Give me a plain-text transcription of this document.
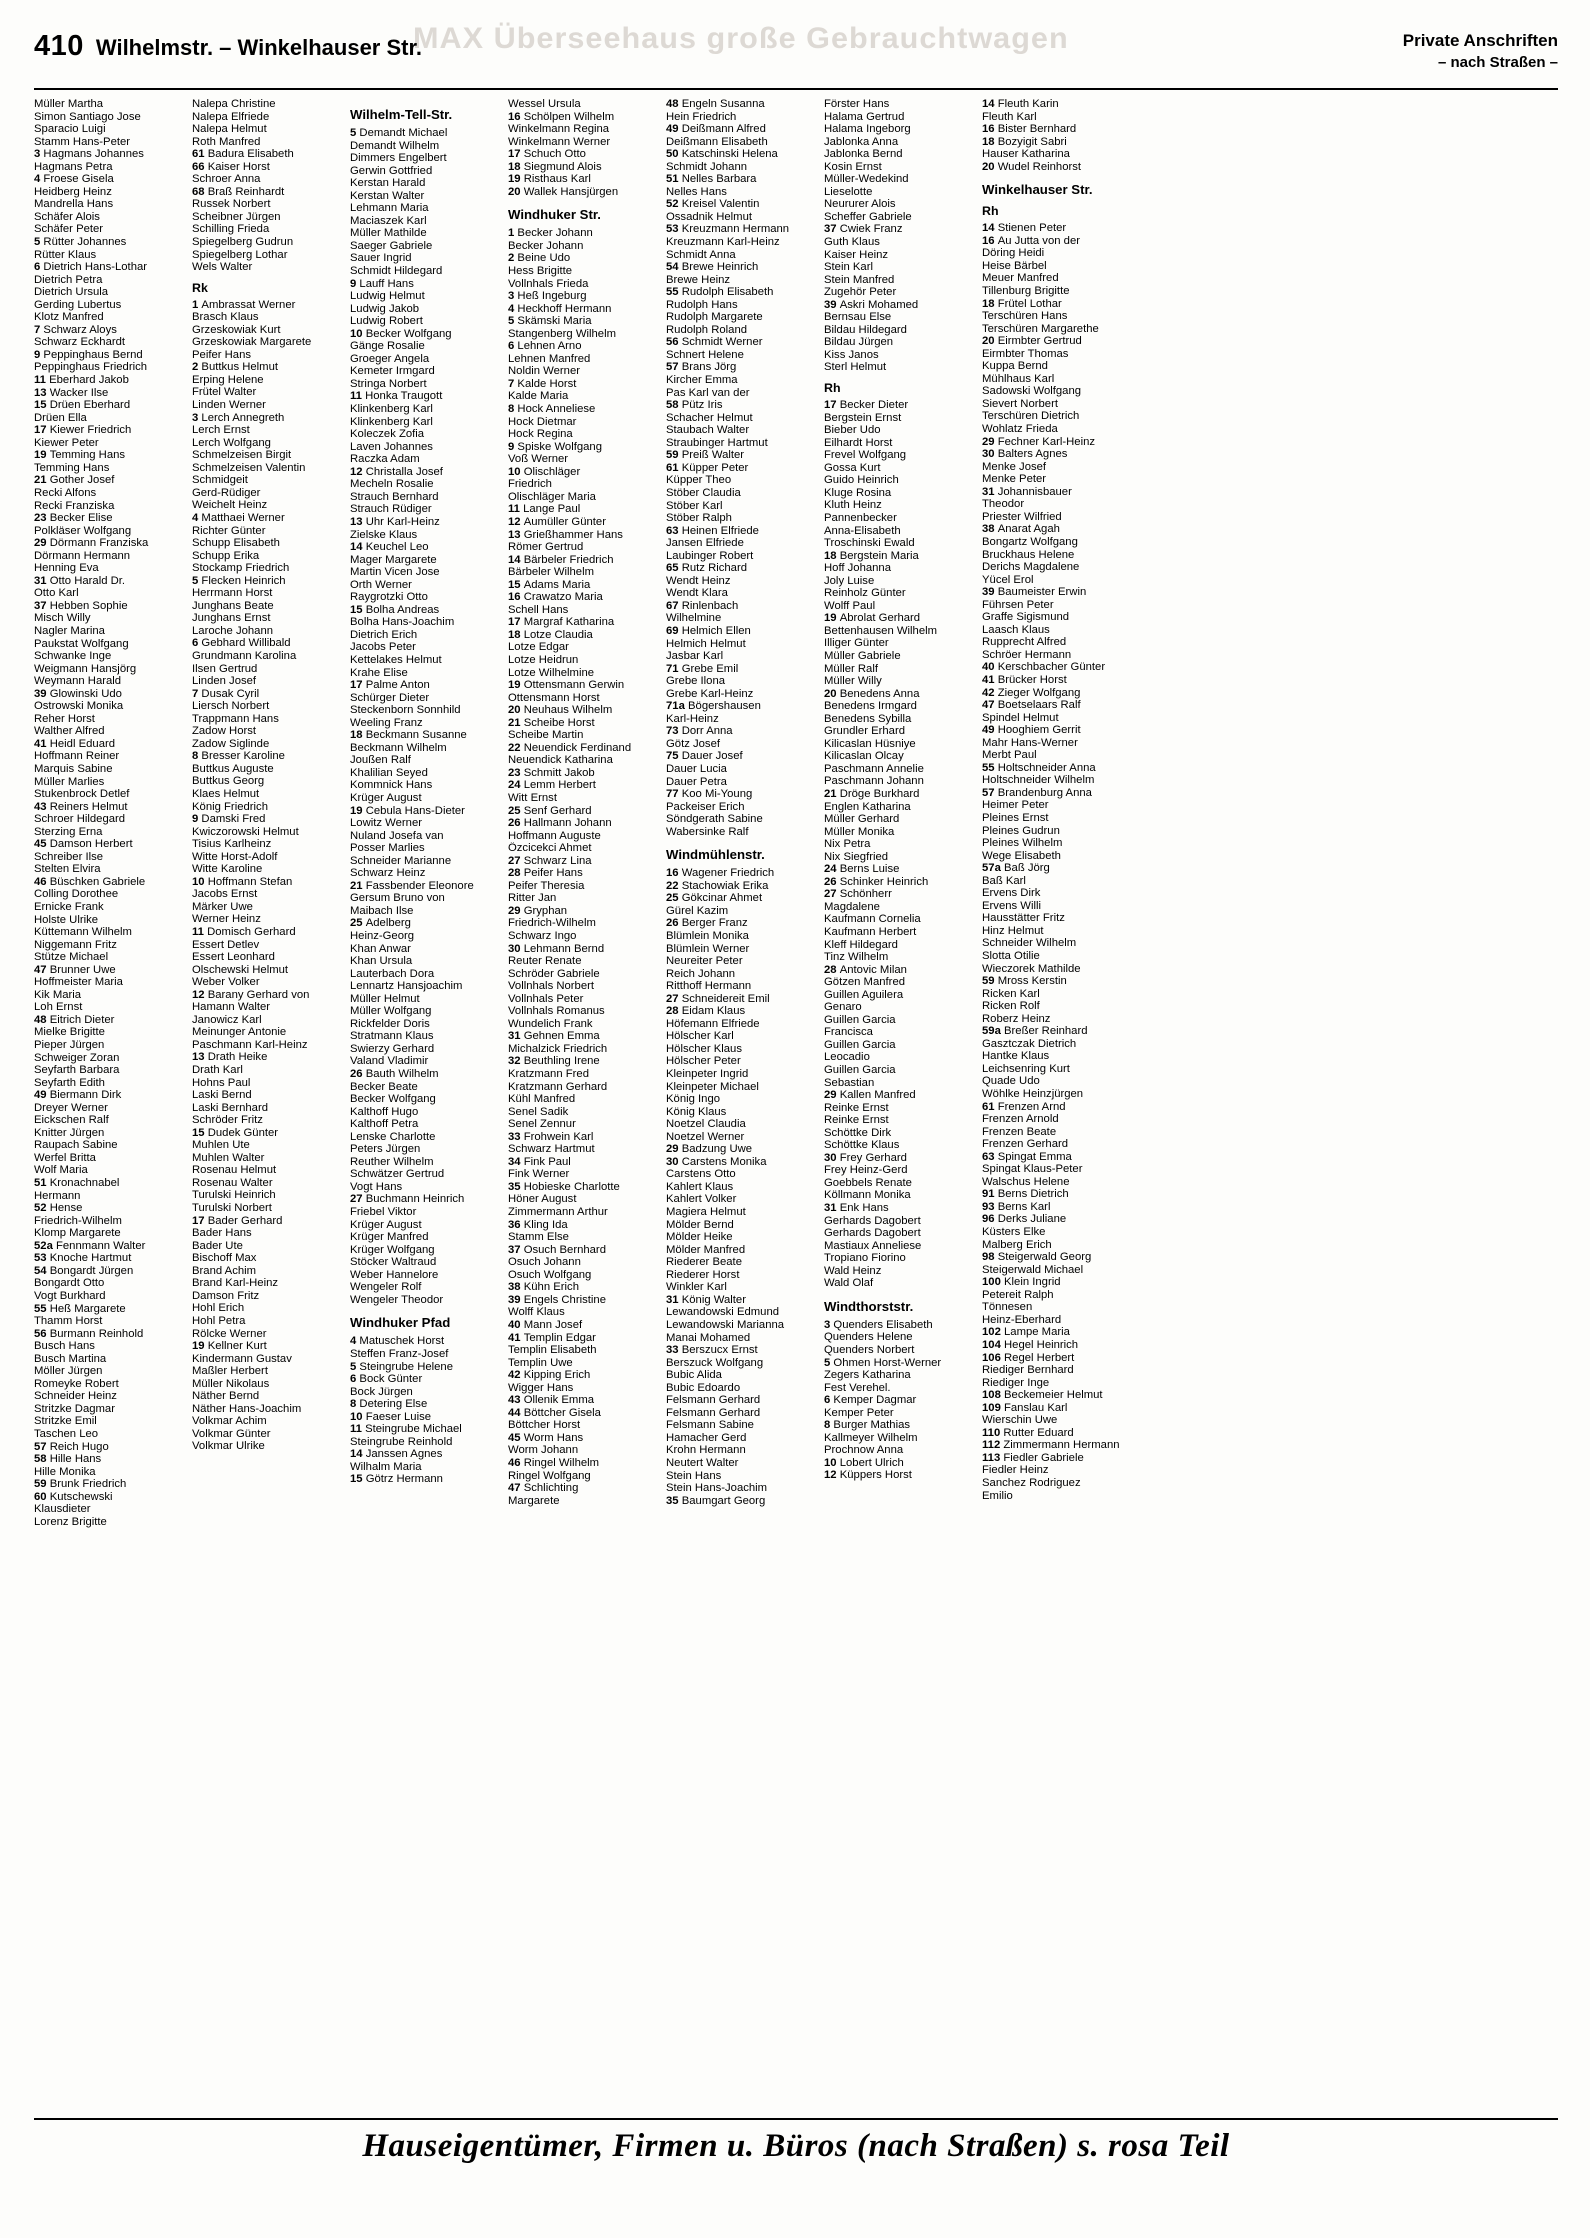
MAX Überseehaus große Gebrauchtwagen
410 Wilhelmstr. – Winkelhauser Str.	Private Anschriften
– nach Straßen –
Müller Martha
Simon Santiago Jose
Sparacio Luigi
Stamm Hans-Peter
3 Hagmans Johannes
Hagmans Petra
4 Froese Gisela
Heidberg Heinz
Mandrella Hans
Schäfer Alois
Schäfer Peter
5 Rütter Johannes
Rütter Klaus
6 Dietrich Hans-Lothar
Dietrich Petra
Dietrich Ursula
Gerding Lubertus
Klotz Manfred
7 Schwarz Aloys
Schwarz Eckhardt
9 Peppinghaus Bernd
Peppinghaus Friedrich
11 Eberhard Jakob
13 Wacker Ilse
15 Drüen Eberhard
Drüen Ella
17 Kiewer Friedrich
Kiewer Peter
19 Temming Hans
Temming Hans
21 Gother Josef
Recki Alfons
Recki Franziska
23 Becker Elise
Polkläser Wolfgang
29 Dörmann Franziska
Dörmann Hermann
Henning Eva
31 Otto Harald Dr.
Otto Karl
37 Hebben Sophie
Misch Willy
Nagler Marina
Paukstat Wolfgang
Schwanke Inge
Weigmann Hansjörg
Weymann Harald
39 Glowinski Udo
Ostrowski Monika
Reher Horst
Walther Alfred
41 Heidl Eduard
Hoffmann Reiner
Marquis Sabine
Müller Marlies
Stukenbrock Detlef
43 Reiners Helmut
Schroer Hildegard
Sterzing Erna
45 Damson Herbert
Schreiber Ilse
Stelten Elvira
46 Büschken Gabriele
Colling Dorothee
Ernicke Frank
Holste Ulrike
Küttemann Wilhelm
Niggemann Fritz
Stütze Michael
47 Brunner Uwe
Hoffmeister Maria
Kik Maria
Loh Ernst
48 Eitrich Dieter
Mielke Brigitte
Pieper Jürgen
Schweiger Zoran
Seyfarth Barbara
Seyfarth Edith
49 Biermann Dirk
Dreyer Werner
Eickschen Ralf
Knitter Jürgen
Raupach Sabine
Werfel Britta
Wolf Maria
51 Kronachnabel
Hermann
52 Hense
Friedrich-Wilhelm
Klomp Margarete
52a Fennmann Walter
53 Knoche Hartmut
54 Bongardt Jürgen
Bongardt Otto
Vogt Burkhard
55 Heß Margarete
Thamm Horst
56 Burmann Reinhold
Busch Hans
Busch Martina
Möller Jürgen
Romeyke Robert
Schneider Heinz
Stritzke Dagmar
Stritzke Emil
Taschen Leo
57 Reich Hugo
58 Hille Hans
Hille Monika
59 Brunk Friedrich
60 Kutschewski
Klausdieter
Lorenz Brigitte
Nalepa Christine
Nalepa Elfriede
Nalepa Helmut
Roth Manfred
61 Badura Elisabeth
66 Kaiser Horst
Schroer Anna
68 Braß Reinhardt
Russek Norbert
Scheibner Jürgen
Schilling Frieda
Spiegelberg Gudrun
Spiegelberg Lothar
Wels Walter
Rk
1 Ambrassat Werner
Brasch Klaus
Grzeskowiak Kurt
Grzeskowiak Margarete
Peifer Hans
2 Buttkus Helmut
Erping Helene
Frütel Walter
Linden Werner
3 Lerch Annegreth
Lerch Ernst
Lerch Wolfgang
Schmelzeisen Birgit
Schmelzeisen Valentin
Schmidgeit
Gerd-Rüdiger
Weichelt Heinz
4 Matthaei Werner
Richter Günter
Schupp Elisabeth
Schupp Erika
Stockamp Friedrich
5 Flecken Heinrich
Herrmann Horst
Junghans Beate
Junghans Ernst
Laroche Johann
6 Gebhard Willibald
Grundmann Karolina
Ilsen Gertrud
Linden Josef
7 Dusak Cyril
Liersch Norbert
Trappmann Hans
Zadow Horst
Zadow Siglinde
8 Bresser Karoline
Buttkus Auguste
Buttkus Georg
Klaes Helmut
König Friedrich
9 Damski Fred
Kwiczorowski Helmut
Tisius Karlheinz
Witte Horst-Adolf
Witte Karoline
10 Hoffmann Stefan
Jacobs Ernst
Märker Uwe
Werner Heinz
11 Domisch Gerhard
Essert Detlev
Essert Leonhard
Olschewski Helmut
Weber Volker
12 Barany Gerhard von
Hamann Walter
Janowicz Karl
Meinunger Antonie
Paschmann Karl-Heinz
13 Drath Heike
Drath Karl
Hohns Paul
Laski Bernd
Laski Bernhard
Schröder Fritz
15 Dudek Günter
Muhlen Ute
Muhlen Walter
Rosenau Helmut
Rosenau Walter
Turulski Heinrich
Turulski Norbert
17 Bader Gerhard
Bader Hans
Bader Ute
Bischoff Max
Brand Achim
Brand Karl-Heinz
Damson Fritz
Hohl Erich
Hohl Petra
Rölcke Werner
19 Kellner Kurt
Kindermann Gustav
Maßler Herbert
Müller Nikolaus
Näther Bernd
Näther Hans-Joachim
Volkmar Achim
Volkmar Günter
Volkmar Ulrike
Wilhelm-Tell-Str.
5 Demandt Michael
Demandt Wilhelm
Dimmers Engelbert
Gerwin Gottfried
Kerstan Harald
Kerstan Walter
Lehmann Maria
Maciaszek Karl
Müller Mathilde
Saeger Gabriele
Sauer Ingrid
Schmidt Hildegard
9 Lauff Hans
Ludwig Helmut
Ludwig Jakob
Ludwig Robert
10 Becker Wolfgang
Gänge Rosalie
Groeger Angela
Kemeter Irmgard
Stringa Norbert
11 Honka Traugott
Klinkenberg Karl
Klinkenberg Karl
Koleczek Zofia
Laven Johannes
Raczka Adam
12 Christalla Josef
Mecheln Rosalie
Strauch Bernhard
Strauch Rüdiger
13 Uhr Karl-Heinz
Zielske Klaus
14 Keuchel Leo
Mager Margarete
Martin Vicen Jose
Orth Werner
Raygrotzki Otto
15 Bolha Andreas
Bolha Hans-Joachim
Dietrich Erich
Jacobs Peter
Kettelakes Helmut
Krahe Elise
17 Palme Anton
Schürger Dieter
Steckenborn Sonnhild
Weeling Franz
18 Beckmann Susanne
Beckmann Wilhelm
Joußen Ralf
Khalilian Seyed
Kommnick Hans
Krüger August
19 Cebula Hans-Dieter
Lowitz Werner
Nuland Josefa van
Posser Marlies
Schneider Marianne
Schwarz Heinz
21 Fassbender Eleonore
Gersum Bruno von
Maibach Ilse
25 Adelberg
Heinz-Georg
Khan Anwar
Khan Ursula
Lauterbach Dora
Lennartz Hansjoachim
Müller Helmut
Müller Wolfgang
Rickfelder Doris
Stratmann Klaus
Swierzy Gerhard
Valand Vladimir
26 Bauth Wilhelm
Becker Beate
Becker Wolfgang
Kalthoff Hugo
Kalthoff Petra
Lenske Charlotte
Peters Jürgen
Reuther Wilhelm
Schwätzer Gertrud
Vogt Hans
27 Buchmann Heinrich
Friebel Viktor
Krüger August
Krüger Manfred
Krüger Wolfgang
Stöcker Waltraud
Weber Hannelore
Wengeler Rolf
Wengeler Theodor
Windhuker Pfad
4 Matuschek Horst
Steffen Franz-Josef
5 Steingrube Helene
6 Bock Günter
Bock Jürgen
8 Detering Else
10 Faeser Luise
11 Steingrube Michael
Steingrube Reinhold
14 Janssen Agnes
Wilhalm Maria
15 Götrz Hermann
Wessel Ursula
16 Schölpen Wilhelm
Winkelmann Regina
Winkelmann Werner
17 Schuch Otto
18 Siegmund Alois
19 Risthaus Karl
20 Wallek Hansjürgen
Windhuker Str.
1 Becker Johann
Becker Johann
2 Beine Udo
Hess Brigitte
Vollnhals Frieda
3 Heß Ingeburg
4 Heckhoff Hermann
5 Skämski Maria
Stangenberg Wilhelm
6 Lehnen Arno
Lehnen Manfred
Noldin Werner
7 Kalde Horst
Kalde Maria
8 Hock Anneliese
Hock Dietmar
Hock Regina
9 Spiske Wolfgang
Voß Werner
10 Olischläger
Friedrich
Olischläger Maria
11 Lange Paul
12 Aumüller Günter
13 Grießhammer Hans
Römer Gertrud
14 Bärbeler Friedrich
Bärbeler Wilhelm
15 Adams Maria
16 Crawatzo Maria
Schell Hans
17 Margraf Katharina
18 Lotze Claudia
Lotze Edgar
Lotze Heidrun
Lotze Wilhelmine
19 Ottensmann Gerwin
Ottensmann Horst
20 Neuhaus Wilhelm
21 Scheibe Horst
Scheibe Martin
22 Neuendick Ferdinand
Neuendick Katharina
23 Schmitt Jakob
24 Lemm Herbert
Witt Ernst
25 Senf Gerhard
26 Hallmann Johann
Hoffmann Auguste
Özcicekci Ahmet
27 Schwarz Lina
28 Peifer Hans
Peifer Theresia
Ritter Jan
29 Gryphan
Friedrich-Wilhelm
Schwarz Ingo
30 Lehmann Bernd
Reuter Renate
Schröder Gabriele
Vollnhals Norbert
Vollnhals Peter
Vollnhals Romanus
Wundelich Frank
31 Gehnen Emma
Michalzick Friedrich
32 Beuthling Irene
Kratzmann Fred
Kratzmann Gerhard
Kühl Manfred
Senel Sadik
Senel Zennur
33 Frohwein Karl
Schwarz Hartmut
34 Fink Paul
Fink Werner
35 Hobieske Charlotte
Höner August
Zimmermann Arthur
36 Kling Ida
Stamm Else
37 Osuch Bernhard
Osuch Johann
Osuch Wolfgang
38 Kühn Erich
39 Engels Christine
Wolff Klaus
40 Mann Josef
41 Templin Edgar
Templin Elisabeth
Templin Uwe
42 Kipping Erich
Wigger Hans
43 Ollenik Emma
44 Böttcher Gisela
Böttcher Horst
45 Worm Hans
Worm Johann
46 Ringel Wilhelm
Ringel Wolfgang
47 Schlichting
Margarete
48 Engeln Susanna
Hein Friedrich
49 Deißmann Alfred
Deißmann Elisabeth
50 Katschinski Helena
Schmidt Johann
51 Nelles Barbara
Nelles Hans
52 Kreisel Valentin
Ossadnik Helmut
53 Kreuzmann Hermann
Kreuzmann Karl-Heinz
Schmidt Anna
54 Brewe Heinrich
Brewe Heinz
55 Rudolph Elisabeth
Rudolph Hans
Rudolph Margarete
Rudolph Roland
56 Schmidt Werner
Schnert Helene
57 Brans Jörg
Kircher Emma
Pas Karl van der
58 Pütz Iris
Schacher Helmut
Staubach Walter
Straubinger Hartmut
59 Preiß Walter
61 Küpper Peter
Küpper Theo
Stöber Claudia
Stöber Karl
Stöber Ralph
63 Heinen Elfriede
Jansen Elfriede
Laubinger Robert
65 Rutz Richard
Wendt Heinz
Wendt Klara
67 Rinlenbach
Wilhelmine
69 Helmich Ellen
Helmich Helmut
Jasbar Karl
71 Grebe Emil
Grebe Ilona
Grebe Karl-Heinz
71a Bögershausen
Karl-Heinz
73 Dorr Anna
Götz Josef
75 Dauer Josef
Dauer Lucia
Dauer Petra
77 Koo Mi-Young
Packeiser Erich
Söndgerath Sabine
Wabersinke Ralf
Windmühlenstr.
16 Wagener Friedrich
22 Stachowiak Erika
25 Gökcinar Ahmet
Gürel Kazim
26 Berger Franz
Blümlein Monika
Blümlein Werner
Neureiter Peter
Reich Johann
Ritthoff Hermann
27 Schneidereit Emil
28 Eidam Klaus
Höfemann Elfriede
Hölscher Karl
Hölscher Klaus
Hölscher Peter
Kleinpeter Ingrid
Kleinpeter Michael
König Ingo
König Klaus
Noetzel Claudia
Noetzel Werner
29 Badzung Uwe
30 Carstens Monika
Carstens Otto
Kahlert Klaus
Kahlert Volker
Magiera Helmut
Mölder Bernd
Mölder Heike
Mölder Manfred
Riederer Beate
Riederer Horst
Winkler Karl
31 König Walter
Lewandowski Edmund
Lewandowski Marianna
Manai Mohamed
33 Berszucx Ernst
Berszuck Wolfgang
Bubic Alida
Bubic Edoardo
Felsmann Gerhard
Felsmann Gerhard
Felsmann Sabine
Hamacher Gerd
Krohn Hermann
Neutert Walter
Stein Hans
Stein Hans-Joachim
35 Baumgart Georg
Förster Hans
Halama Gertrud
Halama Ingeborg
Jablonka Anna
Jablonka Bernd
Kosin Ernst
Müller-Wedekind
Lieselotte
Neururer Alois
Scheffer Gabriele
37 Cwiek Franz
Guth Klaus
Kaiser Heinz
Stein Karl
Stein Manfred
Zugehör Peter
39 Askri Mohamed
Bernsau Else
Bildau Hildegard
Bildau Jürgen
Kiss Janos
Sterl Helmut
Rh
17 Becker Dieter
Bergstein Ernst
Bieber Udo
Eilhardt Horst
Frevel Wolfgang
Gossa Kurt
Guido Heinrich
Kluge Rosina
Kluth Heinz
Pannenbecker
Anna-Elisabeth
Troschinski Ewald
18 Bergstein Maria
Hoff Johanna
Joly Luise
Reinholz Günter
Wolff Paul
19 Abrolat Gerhard
Bettenhausen Wilhelm
Illiger Günter
Müller Gabriele
Müller Ralf
Müller Willy
20 Benedens Anna
Benedens Irmgard
Benedens Sybilla
Grundler Erhard
Kilicaslan Hüsniye
Kilicaslan Olcay
Paschmann Annelie
Paschmann Johann
21 Dröge Burkhard
Englen Katharina
Müller Gerhard
Müller Monika
Nix Petra
Nix Siegfried
24 Berns Luise
26 Schinker Heinrich
27 Schönherr
Magdalene
Kaufmann Cornelia
Kaufmann Herbert
Kleff Hildegard
Tinz Wilhelm
28 Antovic Milan
Götzen Manfred
Guillen Aguilera
Genaro
Guillen Garcia
Francisca
Guillen Garcia
Leocadio
Guillen Garcia
Sebastian
29 Kallen Manfred
Reinke Ernst
Reinke Ernst
Schöttke Dirk
Schöttke Klaus
30 Frey Gerhard
Frey Heinz-Gerd
Goebbels Renate
Köllmann Monika
31 Enk Hans
Gerhards Dagobert
Gerhards Dagobert
Mastiaux Anneliese
Tropiano Fiorino
Wald Heinz
Wald Olaf
Windthorststr.
3 Quenders Elisabeth
Quenders Helene
Quenders Norbert
5 Ohmen Horst-Werner
Zegers Katharina
Fest Verehel.
6 Kemper Dagmar
Kemper Peter
8 Burger Mathias
Kallmeyer Wilhelm
Prochnow Anna
10 Lobert Ulrich
12 Küppers Horst
14 Fleuth Karin
Fleuth Karl
16 Bister Bernhard
18 Bozyigit Sabri
Hauser Katharina
20 Wudel Reinhorst
Winkelhauser Str.
Rh
14 Stienen Peter
16 Au Jutta von der
Döring Heidi
Heise Bärbel
Meuer Manfred
Tillenburg Brigitte
18 Frütel Lothar
Terschüren Hans
Terschüren Margarethe
20 Eirmbter Gertrud
Eirmbter Thomas
Kuppa Bernd
Mühlhaus Karl
Sadowski Wolfgang
Sievert Norbert
Terschüren Dietrich
Wohlatz Frieda
29 Fechner Karl-Heinz
30 Balters Agnes
Menke Josef
Menke Peter
31 Johannisbauer
Theodor
Priester Wilfried
38 Anarat Agah
Bongartz Wolfgang
Bruckhaus Helene
Derichs Magdalene
Yücel Erol
39 Baumeister Erwin
Führsen Peter
Graffe Sigismund
Laasch Klaus
Rupprecht Alfred
Schröer Hermann
40 Kerschbacher Günter
41 Brücker Horst
42 Zieger Wolfgang
47 Boetselaars Ralf
Spindel Helmut
49 Hooghiem Gerrit
Mahr Hans-Werner
Merbt Paul
55 Holtschneider Anna
Holtschneider Wilhelm
57 Brandenburg Anna
Heimer Peter
Pleines Ernst
Pleines Gudrun
Pleines Wilhelm
Wege Elisabeth
57a Baß Jörg
Baß Karl
Ervens Dirk
Ervens Willi
Hausstätter Fritz
Hinz Helmut
Schneider Wilhelm
Slotta Otilie
Wieczorek Mathilde
59 Mross Kerstin
Ricken Karl
Ricken Rolf
Roberz Heinz
59a Breßer Reinhard
Gasztczak Dietrich
Hantke Klaus
Leichsenring Kurt
Quade Udo
Wöhlke Heinzjürgen
61 Frenzen Arnd
Frenzen Arnold
Frenzen Beate
Frenzen Gerhard
63 Spingat Emma
Spingat Klaus-Peter
Walschus Helene
91 Berns Dietrich
93 Berns Karl
96 Derks Juliane
Küsters Elke
Malberg Erich
98 Steigerwald Georg
Steigerwald Michael
100 Klein Ingrid
Petereit Ralph
Tönnesen
Heinz-Eberhard
102 Lampe Maria
104 Hegel Heinrich
106 Regel Herbert
Riediger Bernhard
Riediger Inge
108 Beckemeier Helmut
109 Fanslau Karl
Wierschin Uwe
110 Rutter Eduard
112 Zimmermann Hermann
113 Fiedler Gabriele
Fiedler Heinz
Sanchez Rodriguez
Emilio
Hauseigentümer, Firmen u. Büros (nach Straßen) s. rosa Teil
